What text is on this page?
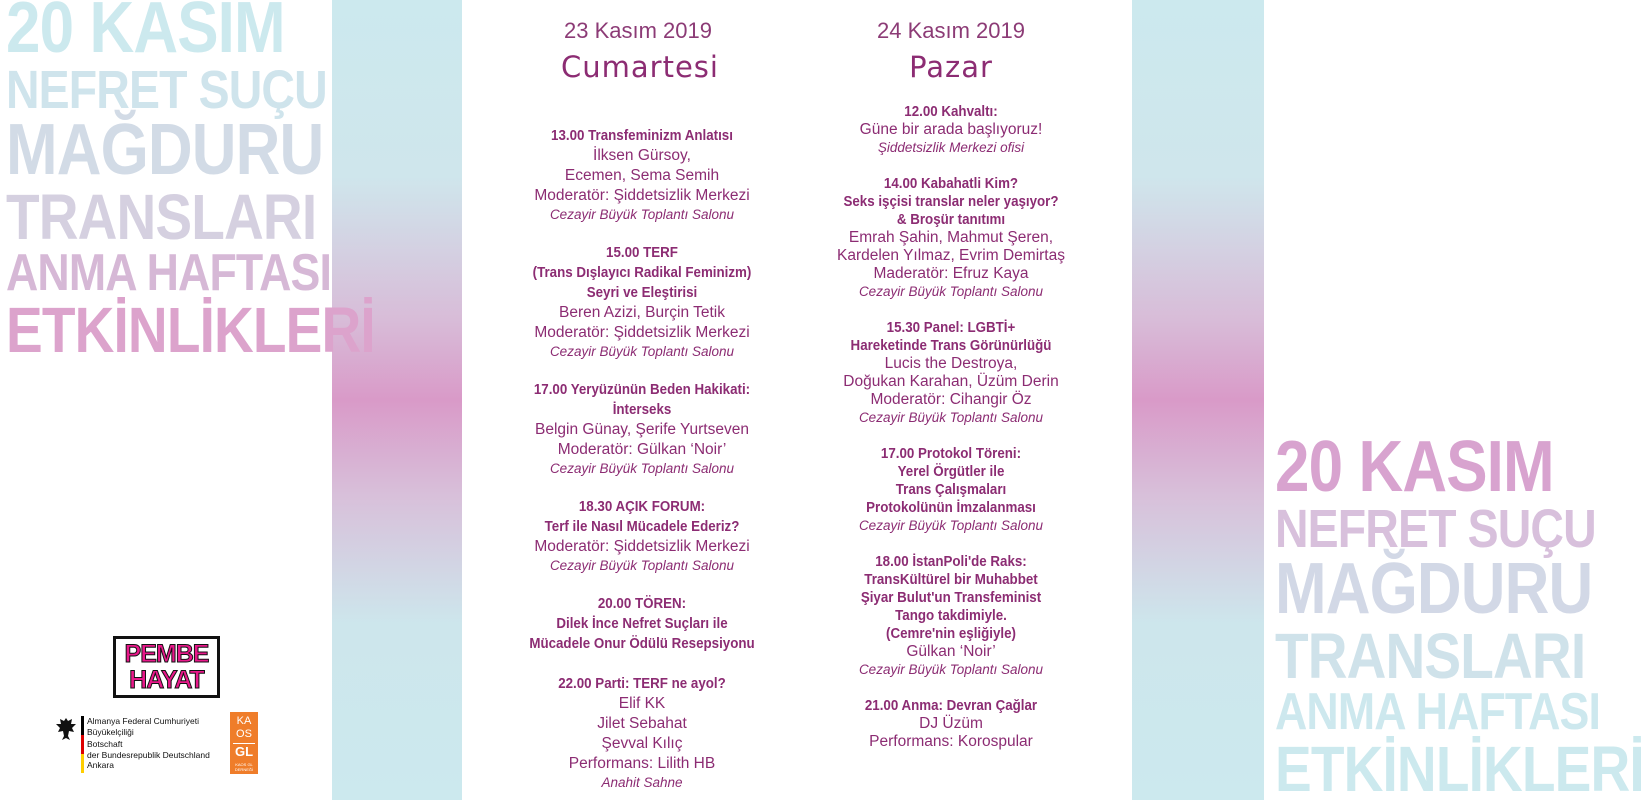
20 KASIM
NEFRET SUÇU
MAĞDURU
TRANSLARI
ANMA HAFTASI
ETKİNLİKLERİ
20 KASIM
NEFRET SUÇU
MAĞDURU
TRANSLARI
ANMA HAFTASI
ETKİNLİKLERİ
23 Kasım 2019
Cumartesi
24 Kasım 2019
Pazar
13.00 Transfeminizm Anlatısı
İlksen Gürsoy,
Ecemen, Sema Semih
Moderatör: Şiddetsizlik Merkezi
Cezayir Büyük Toplantı Salonu
15.00 TERF
(Trans Dışlayıcı Radikal Feminizm)
Seyri ve Eleştirisi
Beren Azizi, Burçin Tetik
Moderatör: Şiddetsizlik Merkezi
Cezayir Büyük Toplantı Salonu
17.00 Yeryüzünün Beden Hakikati:
İnterseks
Belgin Günay, Şerife Yurtseven
Moderatör: Gülkan ‘Noir’
Cezayir Büyük Toplantı Salonu
18.30 AÇIK FORUM:
Terf ile Nasıl Mücadele Ederiz?
Moderatör: Şiddetsizlik Merkezi
Cezayir Büyük Toplantı Salonu
20.00 TÖREN:
Dilek İnce Nefret Suçları ile
Mücadele Onur Ödülü Resepsiyonu
22.00 Parti: TERF ne ayol?
Elif KK
Jilet Sebahat
Şevval Kılıç
Performans: Lilith HB
Anahit Sahne
12.00 Kahvaltı:
Güne bir arada başlıyoruz!
Şiddetsizlik Merkezi ofisi
14.00 Kabahatli Kim?
Seks işçisi translar neler yaşıyor?
& Broşür tanıtımı
Emrah Şahin, Mahmut Şeren,
Kardelen Yılmaz, Evrim Demirtaş
Maderatör: Efruz Kaya
Cezayir Büyük Toplantı Salonu
15.30 Panel: LGBTİ+
Hareketinde Trans Görünürlüğü
Lucis the Destroya,
Doğukan Karahan, Üzüm Derin
Moderatör: Cihangir Öz
Cezayir Büyük Toplantı Salonu
17.00 Protokol Töreni:
Yerel Örgütler ile
Trans Çalışmaları
Protokolünün İmzalanması
Cezayir Büyük Toplantı Salonu
18.00 İstanPoli'de Raks:
TransKültürel bir Muhabbet
Şiyar Bulut'un Transfeminist
Tango takdimiyle.
(Cemre'nin eşliğiyle)
Gülkan ‘Noir’
Cezayir Büyük Toplantı Salonu
21.00 Anma: Devran Çağlar
DJ Üzüm
Performans: Korospular
PEMBE
HAYAT
Almanya Federal Cumhuriyeti
Büyükelçiliği
Botschaft
der Bundesrepublik Deutschland
Ankara
KA OS
GL
KAOS GL DERNEĞİ
